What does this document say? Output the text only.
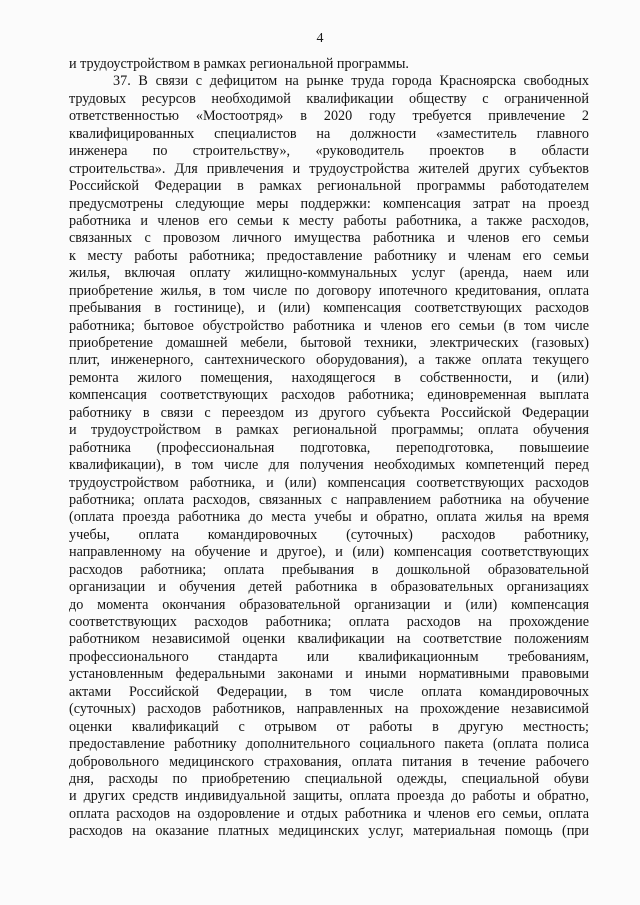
4
и трудоустройством в рамках региональной программы.
37. В связи с дефицитом на рынке труда города Красноярска свободных
трудовых ресурсов необходимой квалификации обществу с ограниченной
ответственностью «Мостоотряд» в 2020 году требуется привлечение 2
квалифицированных специалистов на должности «заместитель главного
инженера по строительству», «руководитель проектов в области
строительства». Для привлечения и трудоустройства жителей других субъектов
Российской Федерации в рамках региональной программы работодателем
предусмотрены следующие меры поддержки: компенсация затрат на проезд
работника и членов его семьи к месту работы работника, а также расходов,
связанных с провозом личного имущества работника и членов его семьи
к месту работы работника; предоставление работнику и членам его семьи
жилья, включая оплату жилищно-коммунальных услуг (аренда, наем или
приобретение жилья, в том числе по договору ипотечного кредитования, оплата
пребывания в гостинице), и (или) компенсация соответствующих расходов
работника; бытовое обустройство работника и членов его семьи (в том числе
приобретение домашней мебели, бытовой техники, электрических (газовых)
плит, инженерного, сантехнического оборудования), а также оплата текущего
ремонта жилого помещения, находящегося в собственности, и (или)
компенсация соответствующих расходов работника; единовременная выплата
работнику в связи с переездом из другого субъекта Российской Федерации
и трудоустройством в рамках региональной программы; оплата обучения
работника (профессиональная подготовка, переподготовка, повышеиие
квалификации), в том числе для получения необходимых компетенций перед
трудоустройством работника, и (или) компенсация соответствующих расходов
работника; оплата расходов, связанных с направлением работника на обучение
(оплата проезда работника до места учебы и обратно, оплата жилья на время
учебы, оплата командировочных (суточных) расходов работнику,
направленному на обучение и другое), и (или) компенсация соответствующих
расходов работника; оплата пребывания в дошкольной образовательной
организации и обучения детей работника в образовательных организациях
до момента окончания образовательной организации и (или) компенсация
соответствующих расходов работника; оплата расходов на прохождение
работником независимой оценки квалификации на соответствие положениям
профессионального стандарта или квалификационным требованиям,
установленным федеральными законами и иными нормативными правовыми
актами Российской Федерации, в том числе оплата командировочных
(суточных) расходов работников, направленных на прохождение независимой
оценки квалификаций с отрывом от работы в другую местность;
предоставление работнику дополнительного социального пакета (оплата полиса
добровольного медицинского страхования, оплата питания в течение рабочего
дня, расходы по приобретению специальной одежды, специальной обуви
и других средств индивидуальной защиты, оплата проезда до работы и обратно,
оплата расходов на оздоровление и отдых работника и членов его семьи, оплата
расходов на оказание платных медицинских услуг, материальная помощь (при
